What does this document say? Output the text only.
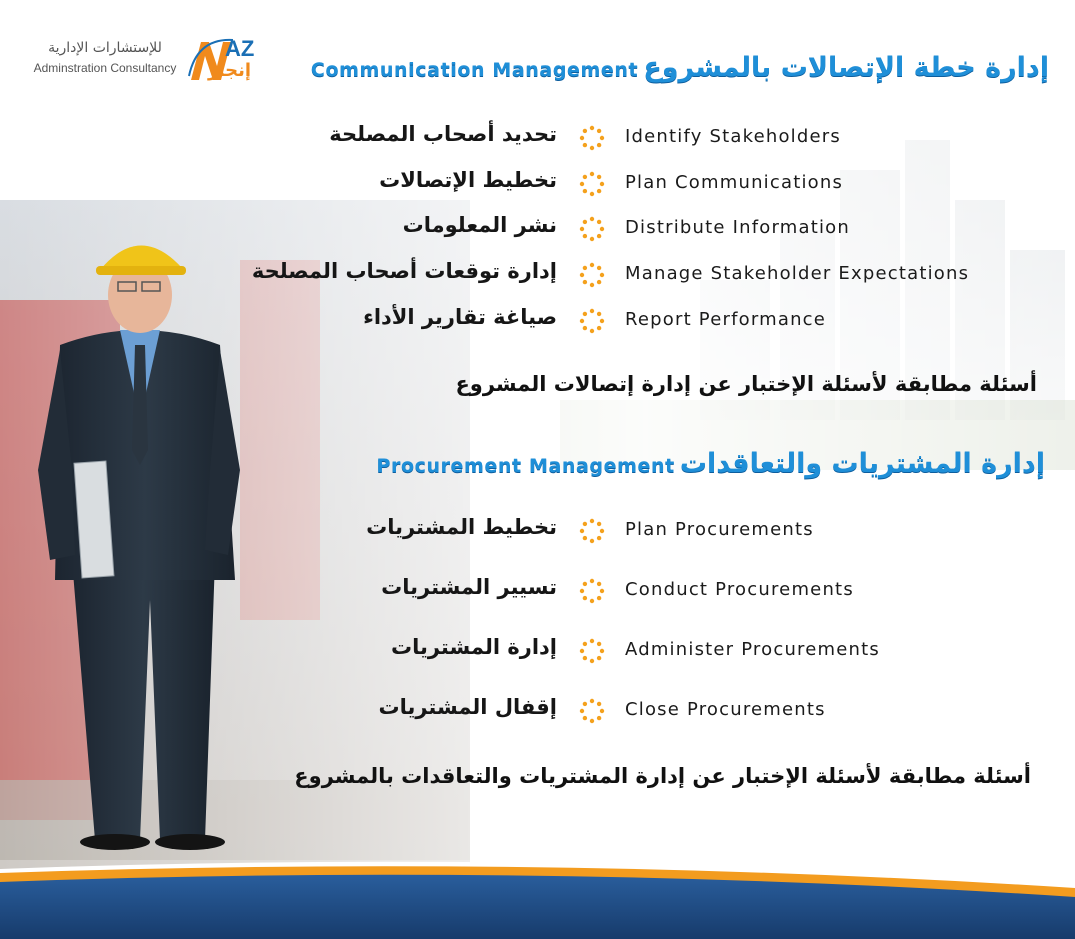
للإستشارات الإدارية
Adminstration Consultancy
AZ
إنجاز	Communication Management إدارة خطة الإتصالات بالمشروع
تحديد أصحاب المصلحة	Identify Stakeholders
تخطيط الإتصالات	Plan Communications
نشر المعلومات	Distribute Information
إدارة توقعات أصحاب المصلحة	Manage Stakeholder Expectations
صياغة تقارير الأداء	Report Performance
أسئلة مطابقة لأسئلة الإختبار عن إدارة إتصالات المشروع
Procurement Management إدارة المشتريات والتعاقدات
تخطيط المشتريات	Plan Procurements
تسيير المشتريات	Conduct Procurements
إدارة المشتريات	Administer Procurements
إقفال المشتريات	Close Procurements
أسئلة مطابقة لأسئلة الإختبار عن إدارة المشتريات والتعاقدات بالمشروع
